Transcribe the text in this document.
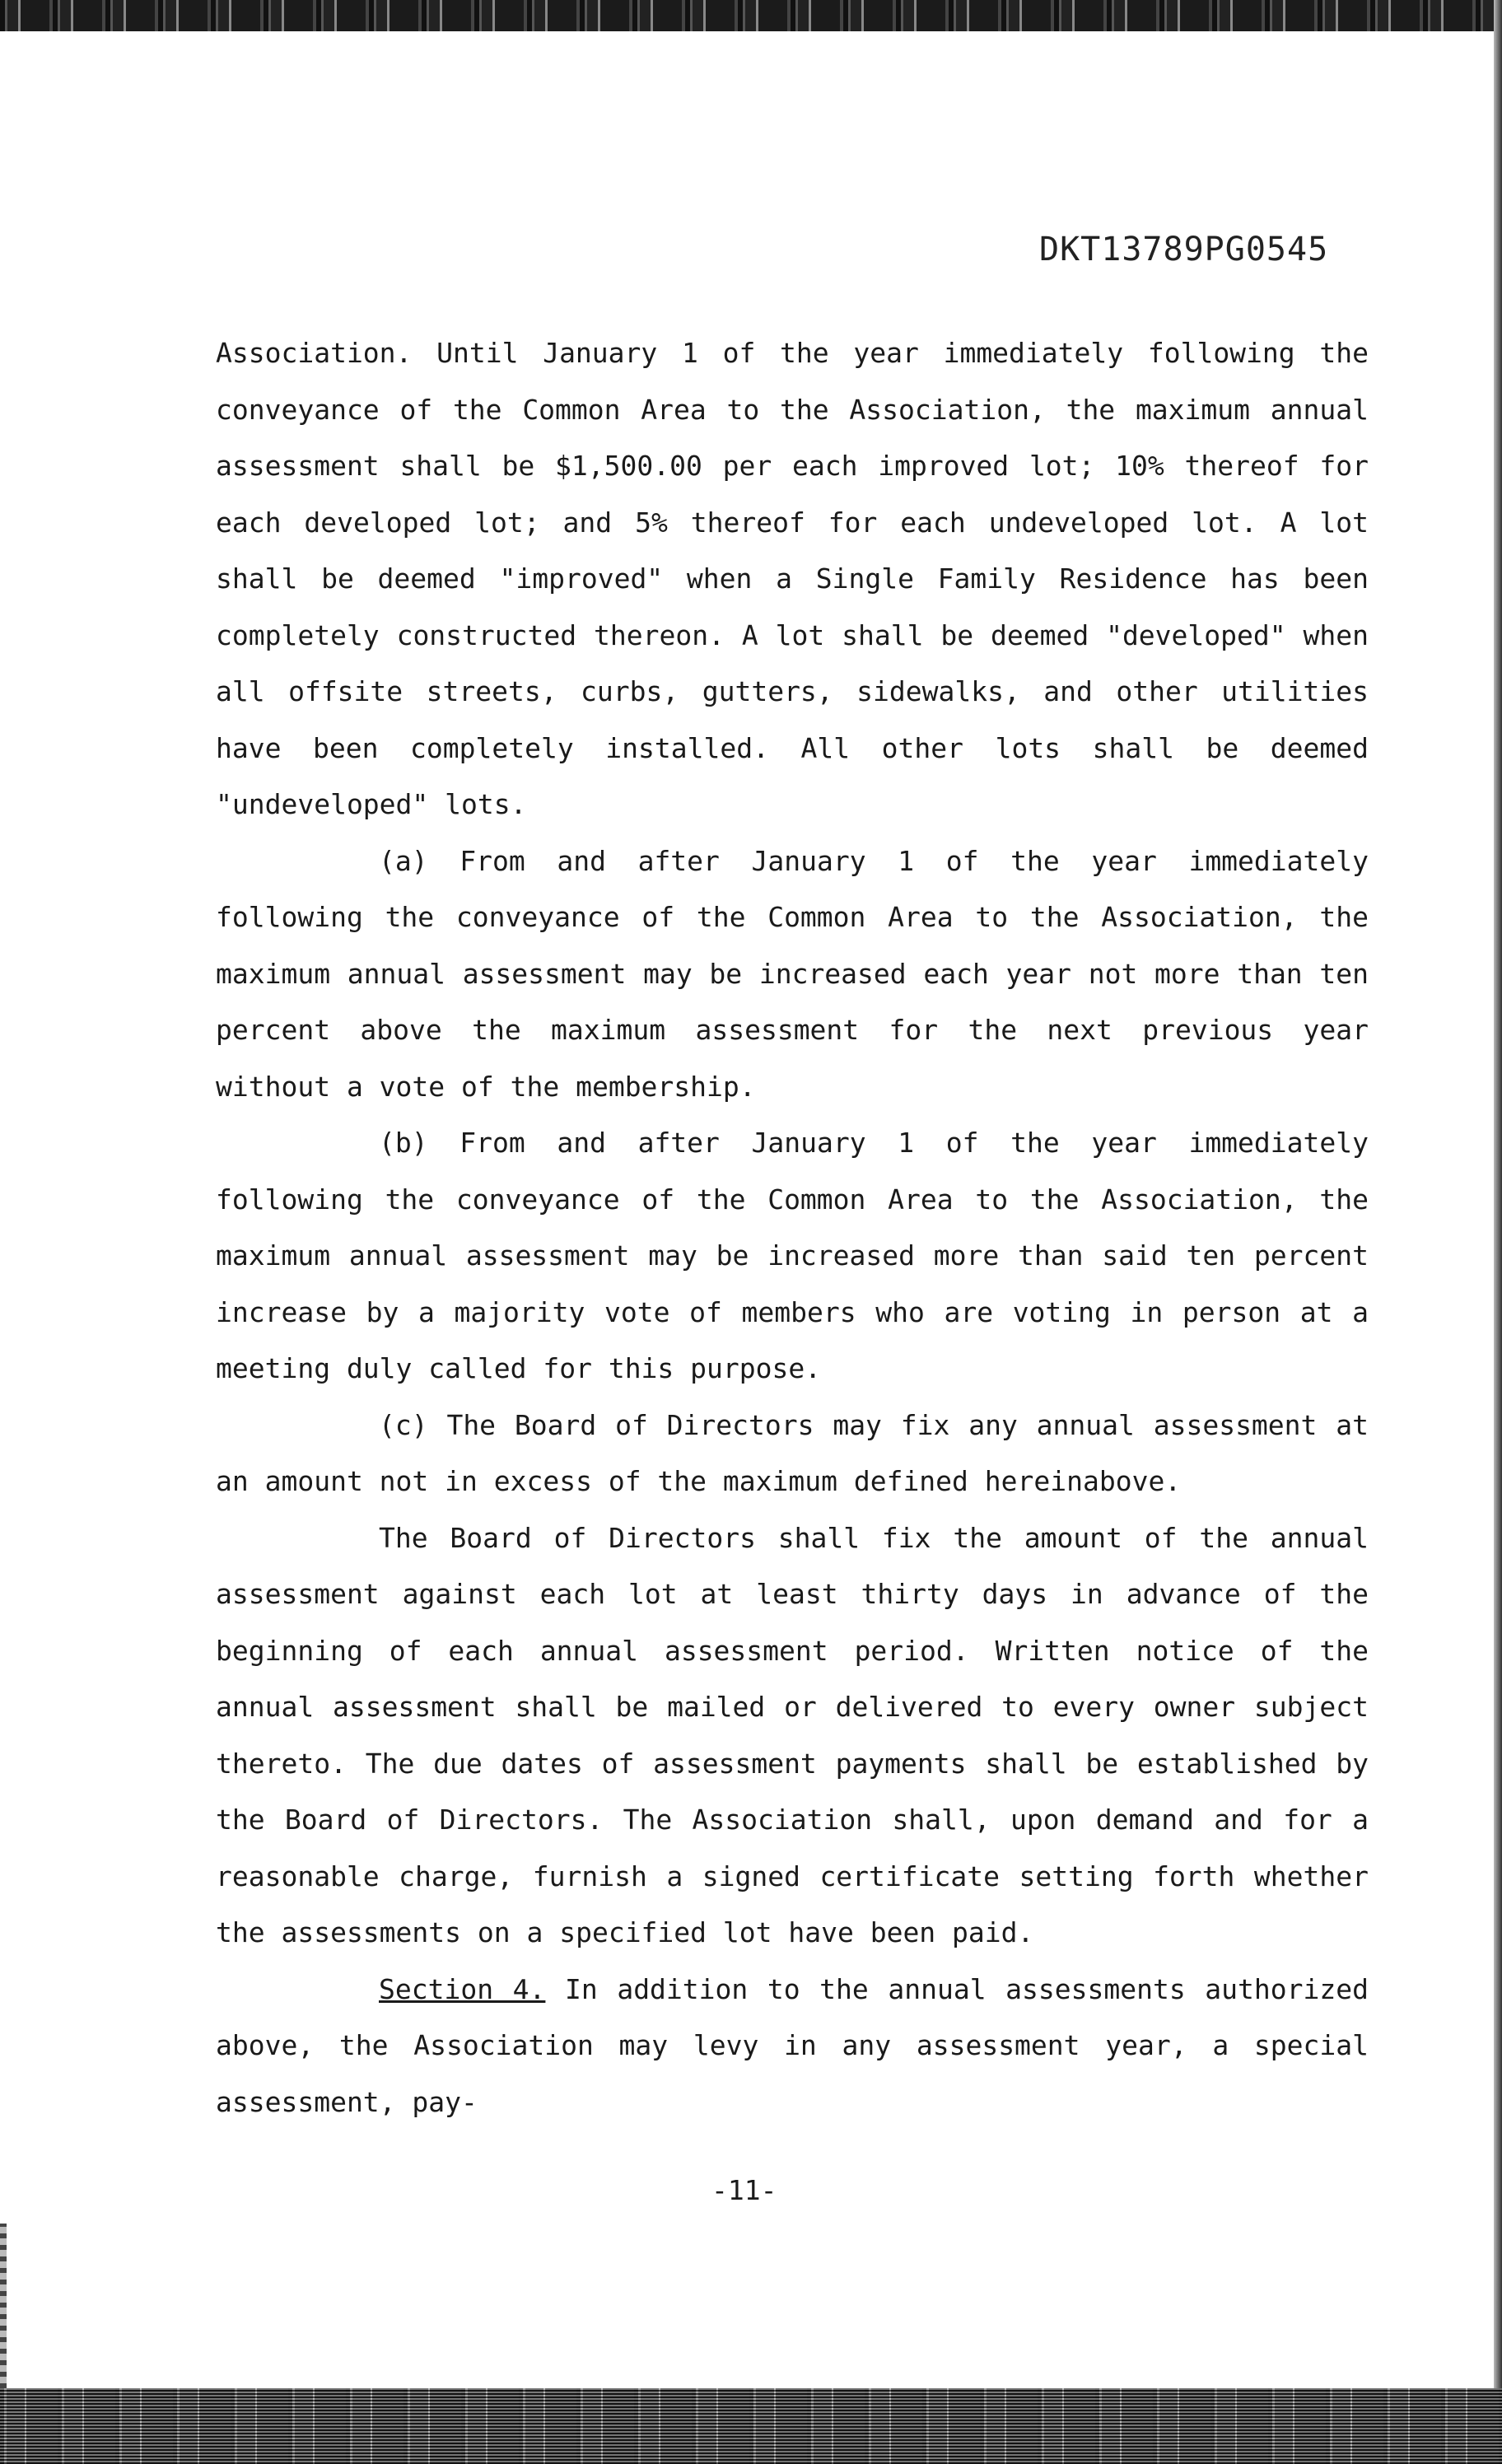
DKT13789PG0545

Association. Until January 1 of the year immediately following the conveyance of the Common Area to the Association, the maximum annual assessment shall be $1,500.00 per each improved lot; 10% thereof for each developed lot; and 5% thereof for each undeveloped lot. A lot shall be deemed "improved" when a Single Family Residence has been completely constructed thereon. A lot shall be deemed "developed" when all offsite streets, curbs, gutters, sidewalks, and other utilities have been completely installed. All other lots shall be deemed "undeveloped" lots.

(a) From and after January 1 of the year immediately following the conveyance of the Common Area to the Association, the maximum annual assessment may be increased each year not more than ten percent above the maximum assessment for the next previous year without a vote of the membership.

(b) From and after January 1 of the year immediately following the conveyance of the Common Area to the Association, the maximum annual assessment may be increased more than said ten percent increase by a majority vote of members who are voting in person at a meeting duly called for this purpose.

(c) The Board of Directors may fix any annual assessment at an amount not in excess of the maximum defined hereinabove.

The Board of Directors shall fix the amount of the annual assessment against each lot at least thirty days in advance of the beginning of each annual assessment period. Written notice of the annual assessment shall be mailed or delivered to every owner subject thereto. The due dates of assessment payments shall be established by the Board of Directors. The Association shall, upon demand and for a reasonable charge, furnish a signed certificate setting forth whether the assessments on a specified lot have been paid.

Section 4. In addition to the annual assessments authorized above, the Association may levy in any assessment year, a special assessment, pay-

-11-
